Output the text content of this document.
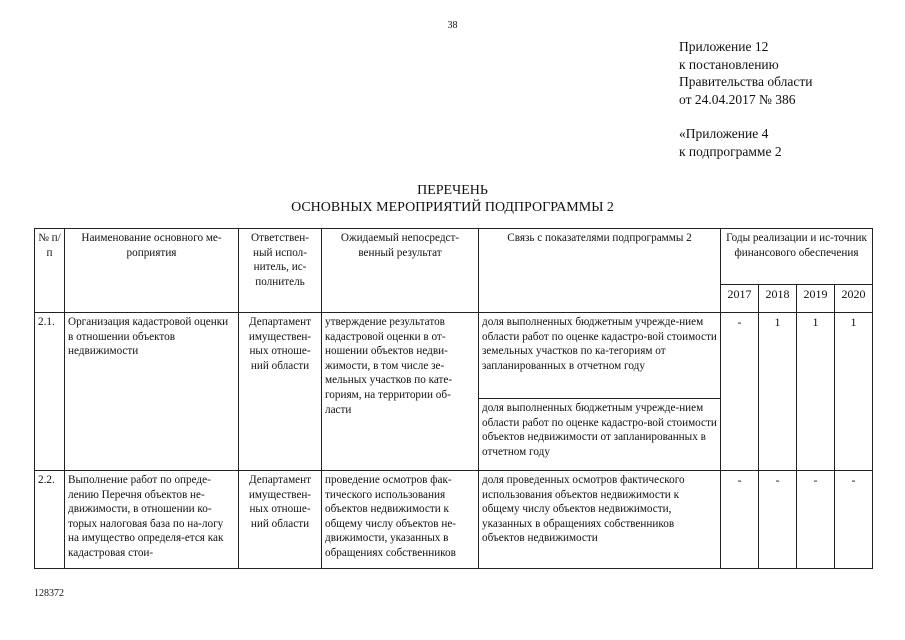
38
Приложение 12
к постановлению
Правительства области
от 24.04.2017 № 386
«Приложение 4
к подпрограмме 2
ПЕРЕЧЕНЬ
ОСНОВНЫХ МЕРОПРИЯТИЙ ПОДПРОГРАММЫ 2
№ п/п	Наименование основного ме-роприятия	Ответствен-ный испол-нитель, ис-полнитель	Ожидаемый непосредст-венный результат	Связь с показателями подпрограммы 2	Годы реализации и ис-точник финансового обеспечения			
					2017	2018	2019	2020
2.1.	Организация кадастровой оценки в отношении объектов недвижимости	Департамент имуществен-ных отноше-ний области	утверждение результатов кадастровой оценки в от-ношении объектов недви-жимости, в том числе зе-мельных участков по кате-гориям, на территории об-ласти	доля выполненных бюджетным учрежде-нием области работ по оценке кадастро-вой стоимости земельных участков по ка-тегориям от запланированных в отчетном году	-	1	1	1
				доля выполненных бюджетным учрежде-нием области работ по оценке кадастро-вой стоимости объектов недвижимости от запланированных в отчетном году				
2.2.	Выполнение работ по опреде-лению Перечня объектов не-движимости, в отношении ко-торых налоговая база по на-логу на имущество определя-ется как кадастровая стои-	Департамент имуществен-ных отноше-ний области	проведение осмотров фак-тического использования объектов недвижимости к общему числу объектов не-движимости, указанных в обращениях собственников	доля проведенных осмотров фактического использования объектов недвижимости к общему числу объектов недвижимости, указанных в обращениях собственников объектов недвижимости	-	-	-	-
128372
